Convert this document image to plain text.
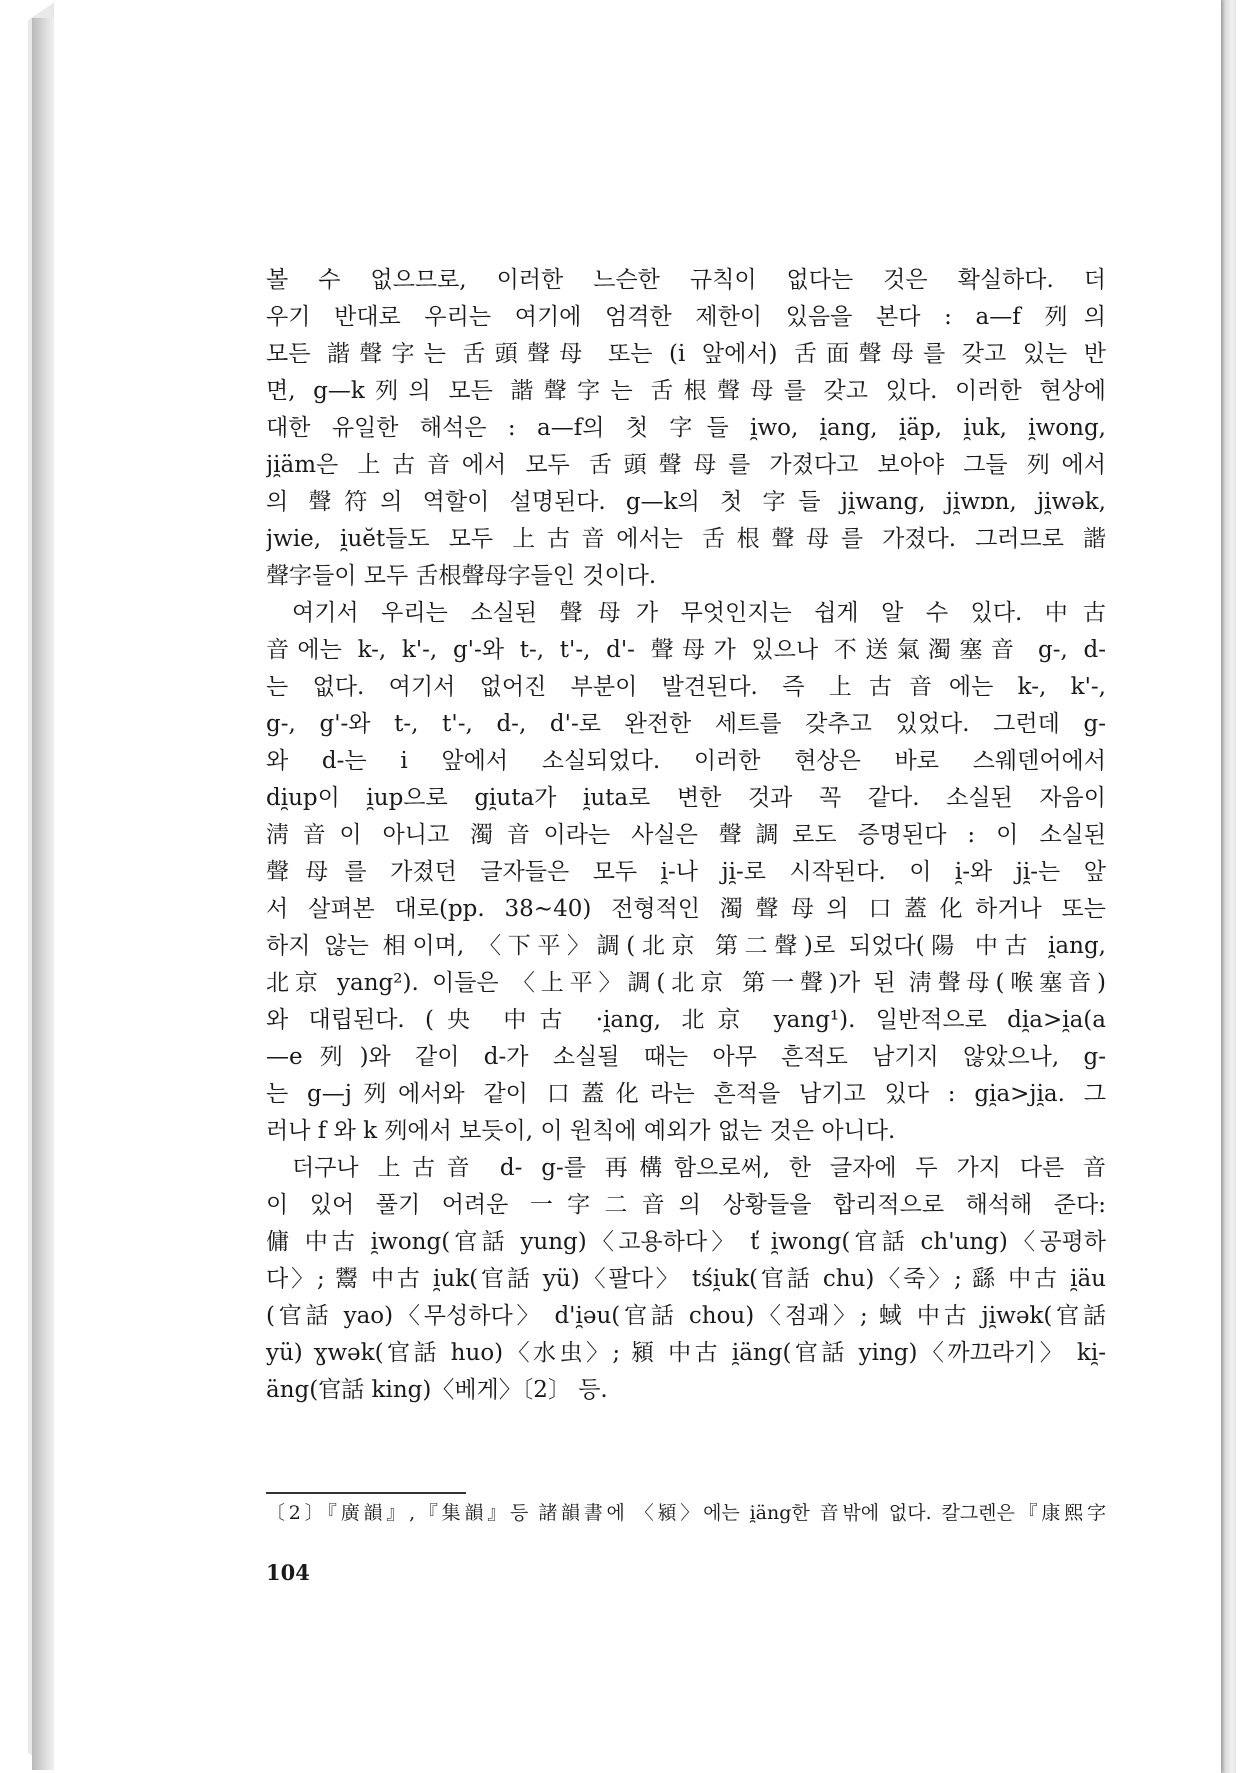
볼 수 없으므로, 이러한 느슨한 규칙이 없다는 것은 확실하다. 더
우기 반대로 우리는 여기에 엄격한 제한이 있음을 본다 : a—f 列의
모든 諧聲字는 舌頭聲母 또는 (i 앞에서) 舌面聲母를 갖고 있는 반
면, g—k列의 모든 諧聲字는 舌根聲母를 갖고 있다. 이러한 현상에
대한 유일한 해석은 : a—f의 첫 字들 i̯wo, i̯ang, i̯äp, i̯uk, i̯wong,
ji̯äm은 上古音에서 모두 舌頭聲母를 가졌다고 보아야 그들 列에서
의 聲符의 역할이 설명된다. g—k의 첫 字들 ji̯wang, ji̯wɒn, ji̯wək,
jwie, i̯uĕt들도 모두 上古音에서는 舌根聲母를 가졌다. 그러므로 諧
聲字들이 모두 舌根聲母字들인 것이다.
여기서 우리는 소실된 聲母가 무엇인지는 쉽게 알 수 있다. 中古
音에는 k-, k'-, g'-와 t-, t'-, d'- 聲母가 있으나 不送氣濁塞音 g-, d-
는 없다. 여기서 없어진 부분이 발견된다. 즉 上古音에는 k-, k'-,
g-, g'-와 t-, t'-, d-, d'-로 완전한 세트를 갖추고 있었다. 그런데 g-
와 d-는 i 앞에서 소실되었다. 이러한 현상은 바로 스웨덴어에서
di̯up이 i̯up으로 gi̯uta가 i̯uta로 변한 것과 꼭 같다. 소실된 자음이
淸音이 아니고 濁音이라는 사실은 聲調로도 증명된다 : 이 소실된
聲母를 가졌던 글자들은 모두 i̯-나 ji̯-로 시작된다. 이 i̯-와 ji̯-는 앞
서 살펴본 대로(pp. 38∼40) 전형적인 濁聲母의 口蓋化하거나 또는
하지 않는 相이며, 〈下平〉調(北京 第二聲)로 되었다(陽 中古 i̯ang,
北京 yang²). 이들은 〈上平〉調(北京 第一聲)가 된 淸聲母(喉塞音)
와 대립된다. (央 中古 ·i̯ang, 北京 yang¹). 일반적으로 di̯a>i̯a(a
—e列)와 같이 d-가 소실될 때는 아무 흔적도 남기지 않았으나, g-
는 g—j列에서와 같이 口蓋化라는 흔적을 남기고 있다 : gi̯a>ji̯a. 그
러나 f 와 k 列에서 보듯이, 이 원칙에 예외가 없는 것은 아니다.
더구나 上古音 d- g-를 再構함으로써, 한 글자에 두 가지 다른 音
이 있어 풀기 어려운 一字二音의 상황들을 합리적으로 해석해 준다:
傭 中古 i̯wong(官話 yung)〈고용하다〉 ť i̯wong(官話 ch'ung)〈공평하
다〉; 鬻 中古 i̯uk(官話 yü)〈팔다〉 tśi̯uk(官話 chu)〈죽〉; 繇 中古 i̯äu
(官話 yao)〈무성하다〉 d'i̯əu(官話 chou)〈점괘〉; 蜮 中古 ji̯wək(官話
yü) ɣwək(官話 huo)〈水虫〉; 潁 中古 i̯äng(官話 ying)〈까끄라기〉 ki̯-
äng(官話 king)〈베게〉〔2〕 등.
〔2〕『廣韻』,『集韻』등 諸韻書에 〈潁〉에는 i̯äng한 音밖에 없다. 칼그렌은『康熙字
104
